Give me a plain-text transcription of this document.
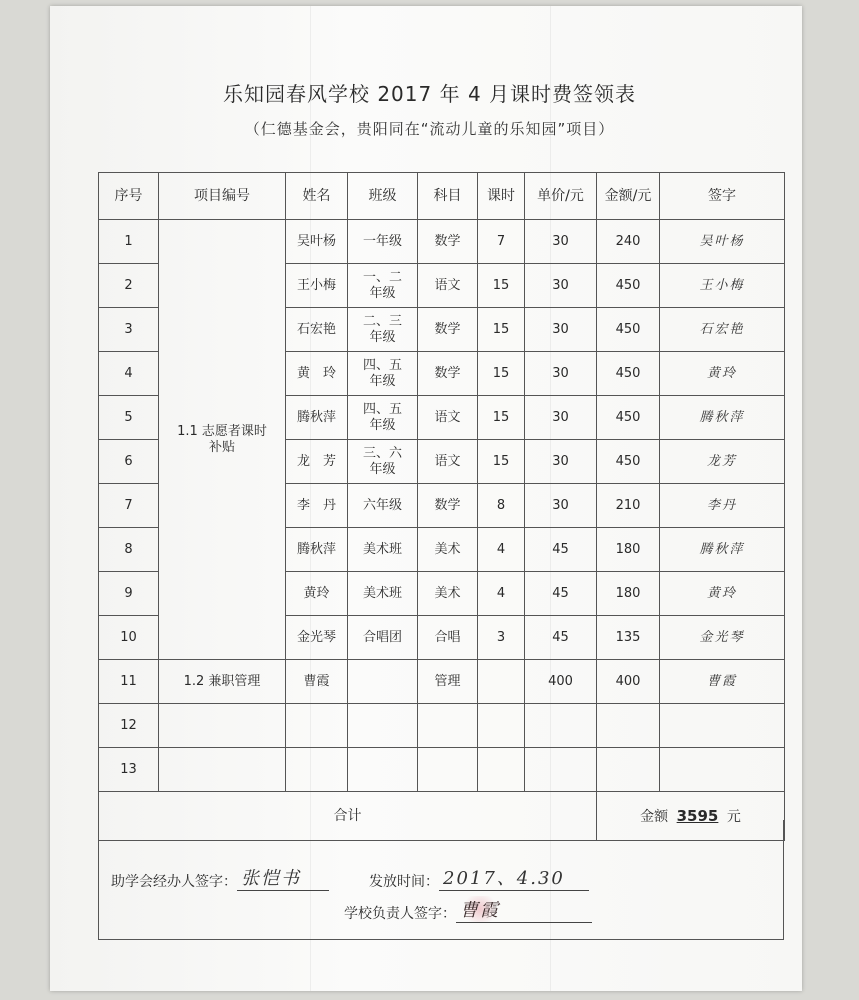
乐知园春风学校 2017 年 4 月课时费签领表
（仁德基金会，贵阳同在“流动儿童的乐知园”项目）
序号	项目编号	姓名	班级	科目	课时	单价/元	金额/元	签字
1	1.1 志愿者课时补贴	吴叶杨	一年级	数学	7	30	240	吴叶杨
2		王小梅	一、二年级	语文	15	30	450	王小梅
3		石宏艳	二、三年级	数学	15	30	450	石宏艳
4		黄　玲	四、五年级	数学	15	30	450	黄玲
5		腾秋萍	四、五年级	语文	15	30	450	腾秋萍
6		龙　芳	三、六年级	语文	15	30	450	龙芳
7		李　丹	六年级	数学	8	30	210	李丹
8		腾秋萍	美术班	美术	4	45	180	腾秋萍
9		黄玲	美术班	美术	4	45	180	黄玲
10		金光琴	合唱团	合唱	3	45	135	金光琴
11	1.2 兼职管理	曹霞		管理		400	400	曹霞
12								
13								
合计							金额 3595 元	
助学会经办人签字： 张恺书	发放时间： 2017、4.30
学校负责人签字： 曹霞
